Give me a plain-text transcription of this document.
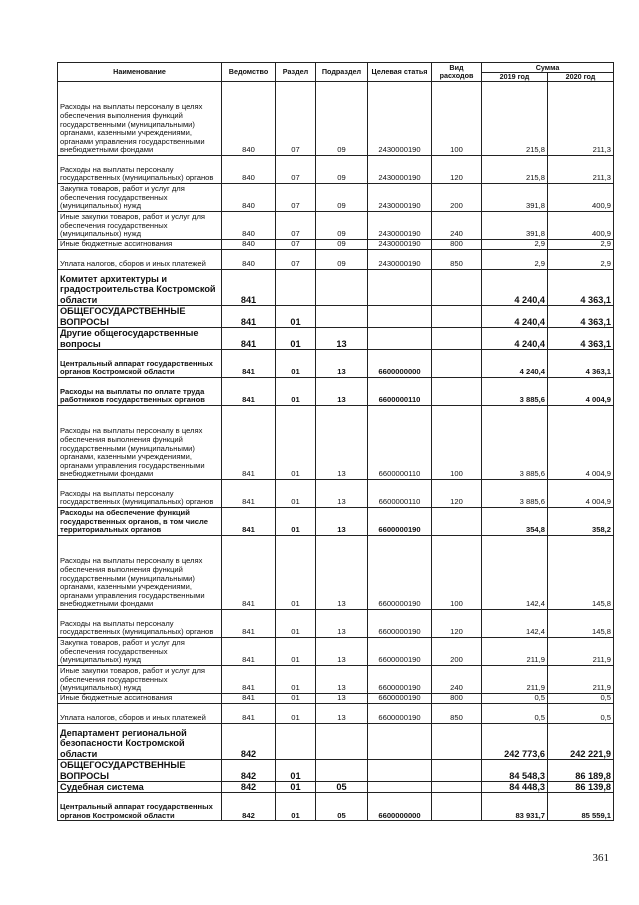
Наименование	Ведомство	Раздел	Подраздел	Целевая статья	Вид расходов	Сумма	
						2019 год	2020 год
Расходы на выплаты персоналу в целях обеспечения выполнения функций государственными (муниципальными) органами, казенными учреждениями, органами управления государственными внебюджетными фондами	840	07	09	2430000190	100	215,8	211,3
Расходы на выплаты персоналу государственных (муниципальных) органов	840	07	09	2430000190	120	215,8	211,3
Закупка товаров, работ и услуг для обеспечения государственных (муниципальных) нужд	840	07	09	2430000190	200	391,8	400,9
Иные закупки товаров, работ и услуг для обеспечения государственных (муниципальных) нужд	840	07	09	2430000190	240	391,8	400,9
Иные бюджетные ассигнования	840	07	09	2430000190	800	2,9	2,9
Уплата налогов, сборов и иных платежей	840	07	09	2430000190	850	2,9	2,9
Комитет архитектуры и градостроительства Костромской области	841					4 240,4	4 363,1
ОБЩЕГОСУДАРСТВЕННЫЕ ВОПРОСЫ	841	01				4 240,4	4 363,1
Другие общегосударственные вопросы	841	01	13			4 240,4	4 363,1
Центральный аппарат государственных органов Костромской области	841	01	13	6600000000		4 240,4	4 363,1
Расходы на выплаты по оплате труда работников государственных органов	841	01	13	6600000110		3 885,6	4 004,9
Расходы на выплаты персоналу в целях обеспечения выполнения функций государственными (муниципальными) органами, казенными учреждениями, органами управления государственными внебюджетными фондами	841	01	13	6600000110	100	3 885,6	4 004,9
Расходы на выплаты персоналу государственных (муниципальных) органов	841	01	13	6600000110	120	3 885,6	4 004,9
Расходы на обеспечение функций государственных органов, в том числе территориальных органов	841	01	13	6600000190		354,8	358,2
Расходы на выплаты персоналу в целях обеспечения выполнения функций государственными (муниципальными) органами, казенными учреждениями, органами управления государственными внебюджетными фондами	841	01	13	6600000190	100	142,4	145,8
Расходы на выплаты персоналу государственных (муниципальных) органов	841	01	13	6600000190	120	142,4	145,8
Закупка товаров, работ и услуг для обеспечения государственных (муниципальных) нужд	841	01	13	6600000190	200	211,9	211,9
Иные закупки товаров, работ и услуг для обеспечения государственных (муниципальных) нужд	841	01	13	6600000190	240	211,9	211,9
Иные бюджетные ассигнования	841	01	13	6600000190	800	0,5	0,5
Уплата налогов, сборов и иных платежей	841	01	13	6600000190	850	0,5	0,5
Департамент региональной безопасности Костромской области	842					242 773,6	242 221,9
ОБЩЕГОСУДАРСТВЕННЫЕ ВОПРОСЫ	842	01				84 548,3	86 189,8
Судебная система	842	01	05			84 448,3	86 139,8
Центральный аппарат государственных органов Костромской области	842	01	05	6600000000		83 931,7	85 559,1
361
